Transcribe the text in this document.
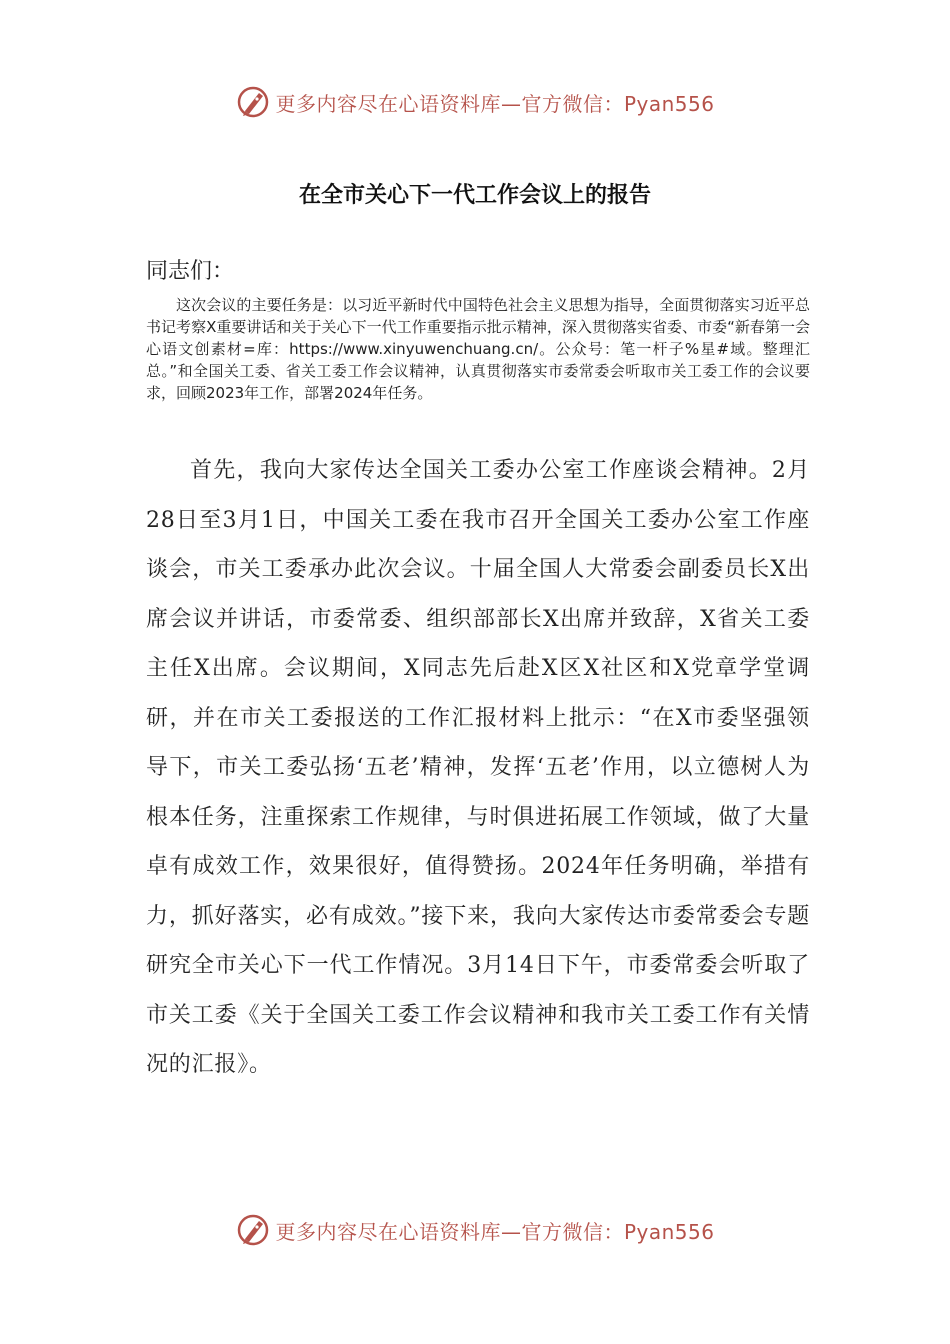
更多内容尽在心语资料库—官方微信：Pyan556
在全市关心下一代工作会议上的报告
同志们：
这次会议的主要任务是：以习近平新时代中国特色社会主义思想为指导，全面贯彻落实习近平总书记考察X重要讲话和关于关心下一代工作重要指示批示精神，深入贯彻落实省委、市委“新春第一会心语文创素材=库：https://www.xinyuwenchuang.cn/。公众号：笔一杆子%星#域。整理汇总。”和全国关工委、省关工委工作会议精神，认真贯彻落实市委常委会听取市关工委工作的会议要求，回顾2023年工作，部署2024年任务。
首先，我向大家传达全国关工委办公室工作座谈会精神。2月28日至3月1日，中国关工委在我市召开全国关工委办公室工作座谈会，市关工委承办此次会议。十届全国人大常委会副委员长X出席会议并讲话，市委常委、组织部部长X出席并致辞，X省关工委主任X出席。会议期间，X同志先后赴X区X社区和X党章学堂调研，并在市关工委报送的工作汇报材料上批示：“在X市委坚强领导下，市关工委弘扬‘五老’精神，发挥‘五老’作用，以立德树人为根本任务，注重探索工作规律，与时俱进拓展工作领域，做了大量卓有成效工作，效果很好，值得赞扬。2024年任务明确，举措有力，抓好落实，必有成效。”接下来，我向大家传达市委常委会专题研究全市关心下一代工作情况。3月14日下午，市委常委会听取了市关工委《关于全国关工委工作会议精神和我市关工委工作有关情况的汇报》。
更多内容尽在心语资料库—官方微信：Pyan556
